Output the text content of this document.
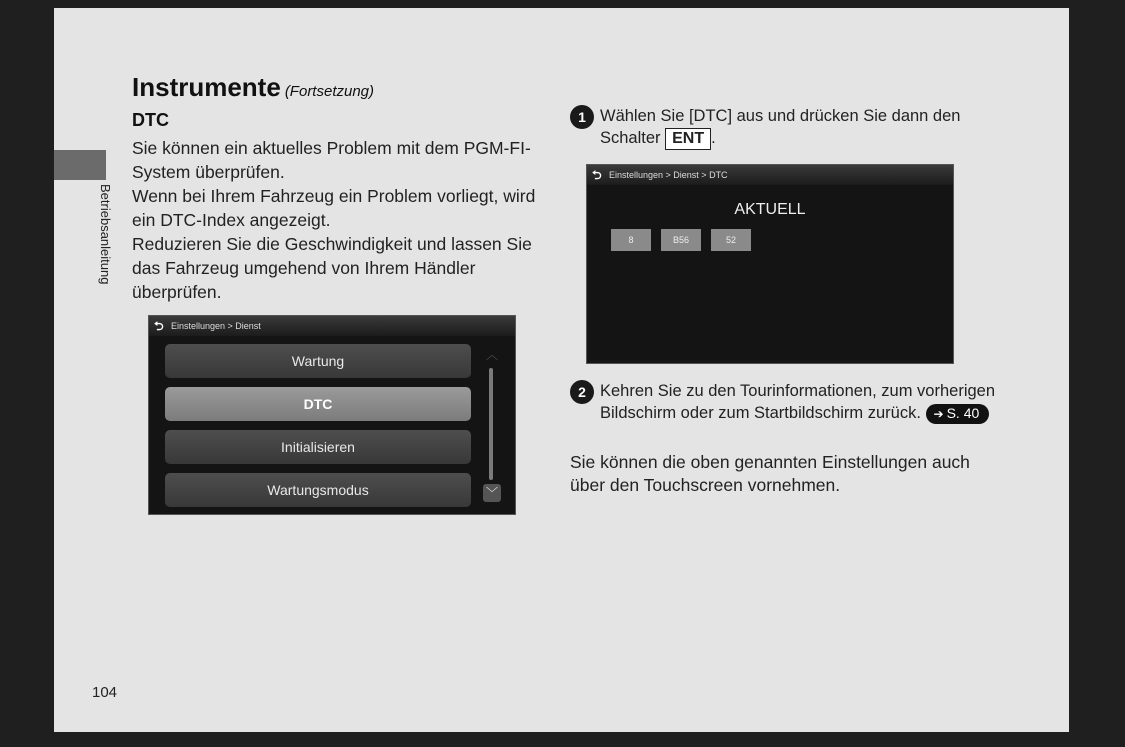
Betriebsanleitung
Instrumente (Fortsetzung)
DTC

Sie können ein aktuelles Problem mit dem PGM-FI-System überprüfen.

Wenn bei Ihrem Fahrzeug ein Problem vorliegt, wird ein DTC-Index angezeigt.

Reduzieren Sie die Geschwindigkeit und lassen Sie das Fahrzeug umgehend von Ihrem Händler überprüfen.

⮌ Einstellungen > Dienst
Wartung
DTC
Initialisieren
Wartungsmodus
︿
﹀
1 Wählen Sie [DTC] aus und drücken Sie dann den Schalter ENT .
⮌ Einstellungen > Dienst > DTC
AKTUELL
8	B56	52
2 Kehren Sie zu den Tourinformationen, zum vorherigen Bildschirm oder zum Startbildschirm zurück. ➔ S. 40
Sie können die oben genannten Einstellungen auch über den Touchscreen vornehmen.
104
